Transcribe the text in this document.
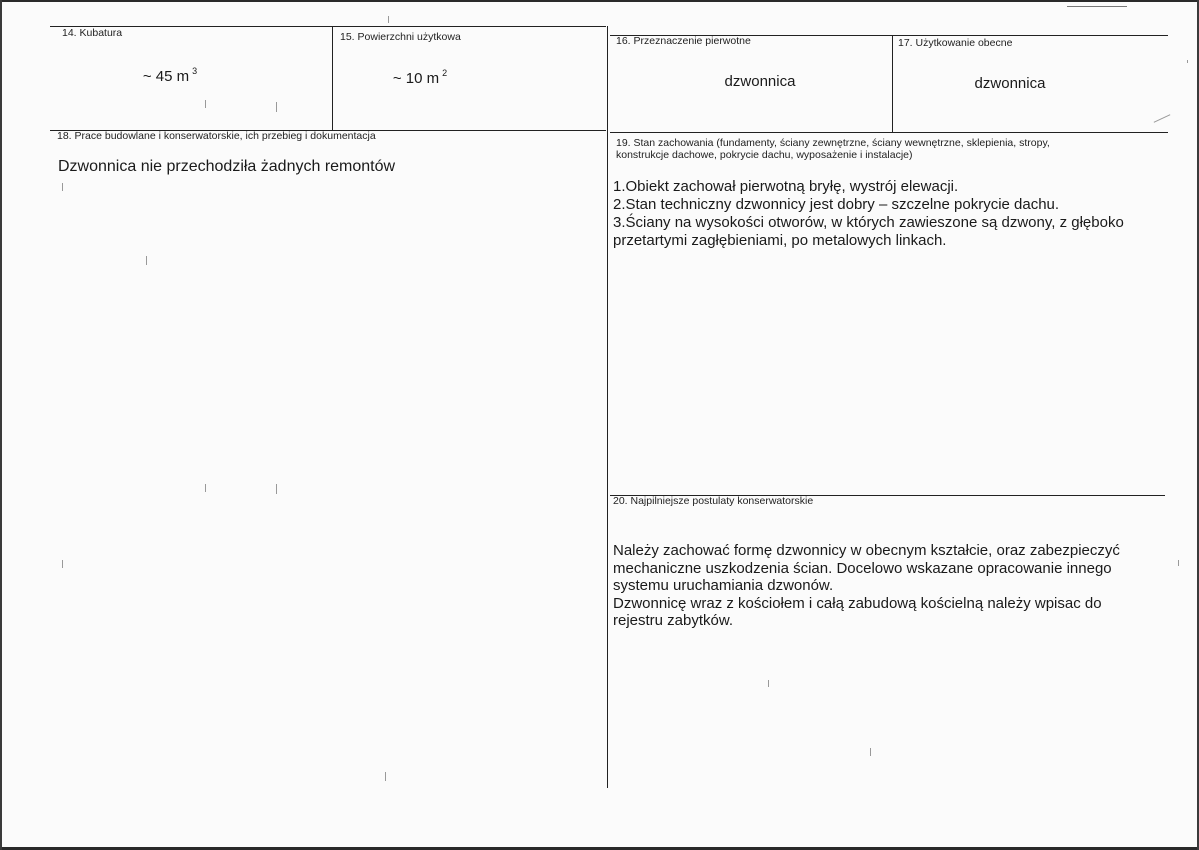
14. Kubatura
~ 45 m $^3$
15. Powierzchni użytkowa
~ 10 m $^2$
16. Przeznaczenie pierwotne
dzwonnica
17. Użytkowanie obecne
dzwonnica
18. Prace budowlane i konserwatorskie, ich przebieg i dokumentacja
Dzwonnica nie przechodziła żadnych remontów
19. Stan zachowania (fundamenty, ściany zewnętrzne, ściany wewnętrzne, sklepienia, stropy,
konstrukcje dachowe, pokrycie dachu, wyposażenie i instalacje)
1.Obiekt zachował pierwotną bryłę, wystrój elewacji.
2.Stan techniczny dzwonnicy jest dobry – szczelne pokrycie dachu.
3.Ściany na wysokości otworów, w których zawieszone są dzwony, z głęboko
przetartymi zagłębieniami, po metalowych linkach.
20. Najpilniejsze postulaty konserwatorskie
Należy zachować formę dzwonnicy w obecnym kształcie, oraz zabezpieczyć
mechaniczne uszkodzenia ścian. Docelowo wskazane opracowanie innego
systemu uruchamiania dzwonów.
Dzwonnicę wraz z kościołem i całą zabudową kościelną należy wpisac do
rejestru zabytków.
